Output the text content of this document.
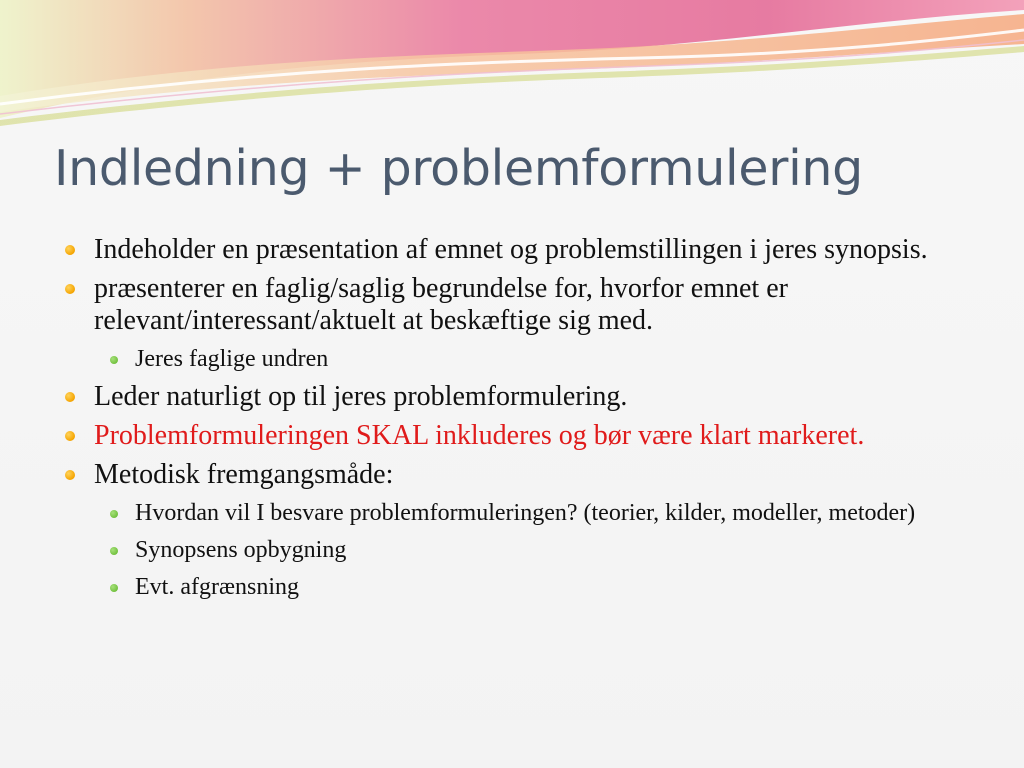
Indledning + problemformulering
Indeholder en præsentation af emnet og problemstillingen i jeres synopsis.
præsenterer en faglig/saglig begrundelse for, hvorfor emnet er relevant/interessant/aktuelt at beskæftige sig med.
Jeres faglige undren
Leder naturligt op til jeres problemformulering.
Problemformuleringen SKAL inkluderes og bør være klart markeret.
Metodisk fremgangsmåde:
Hvordan vil I besvare problemformuleringen? (teorier, kilder, modeller, metoder)
Synopsens opbygning
Evt. afgrænsning
